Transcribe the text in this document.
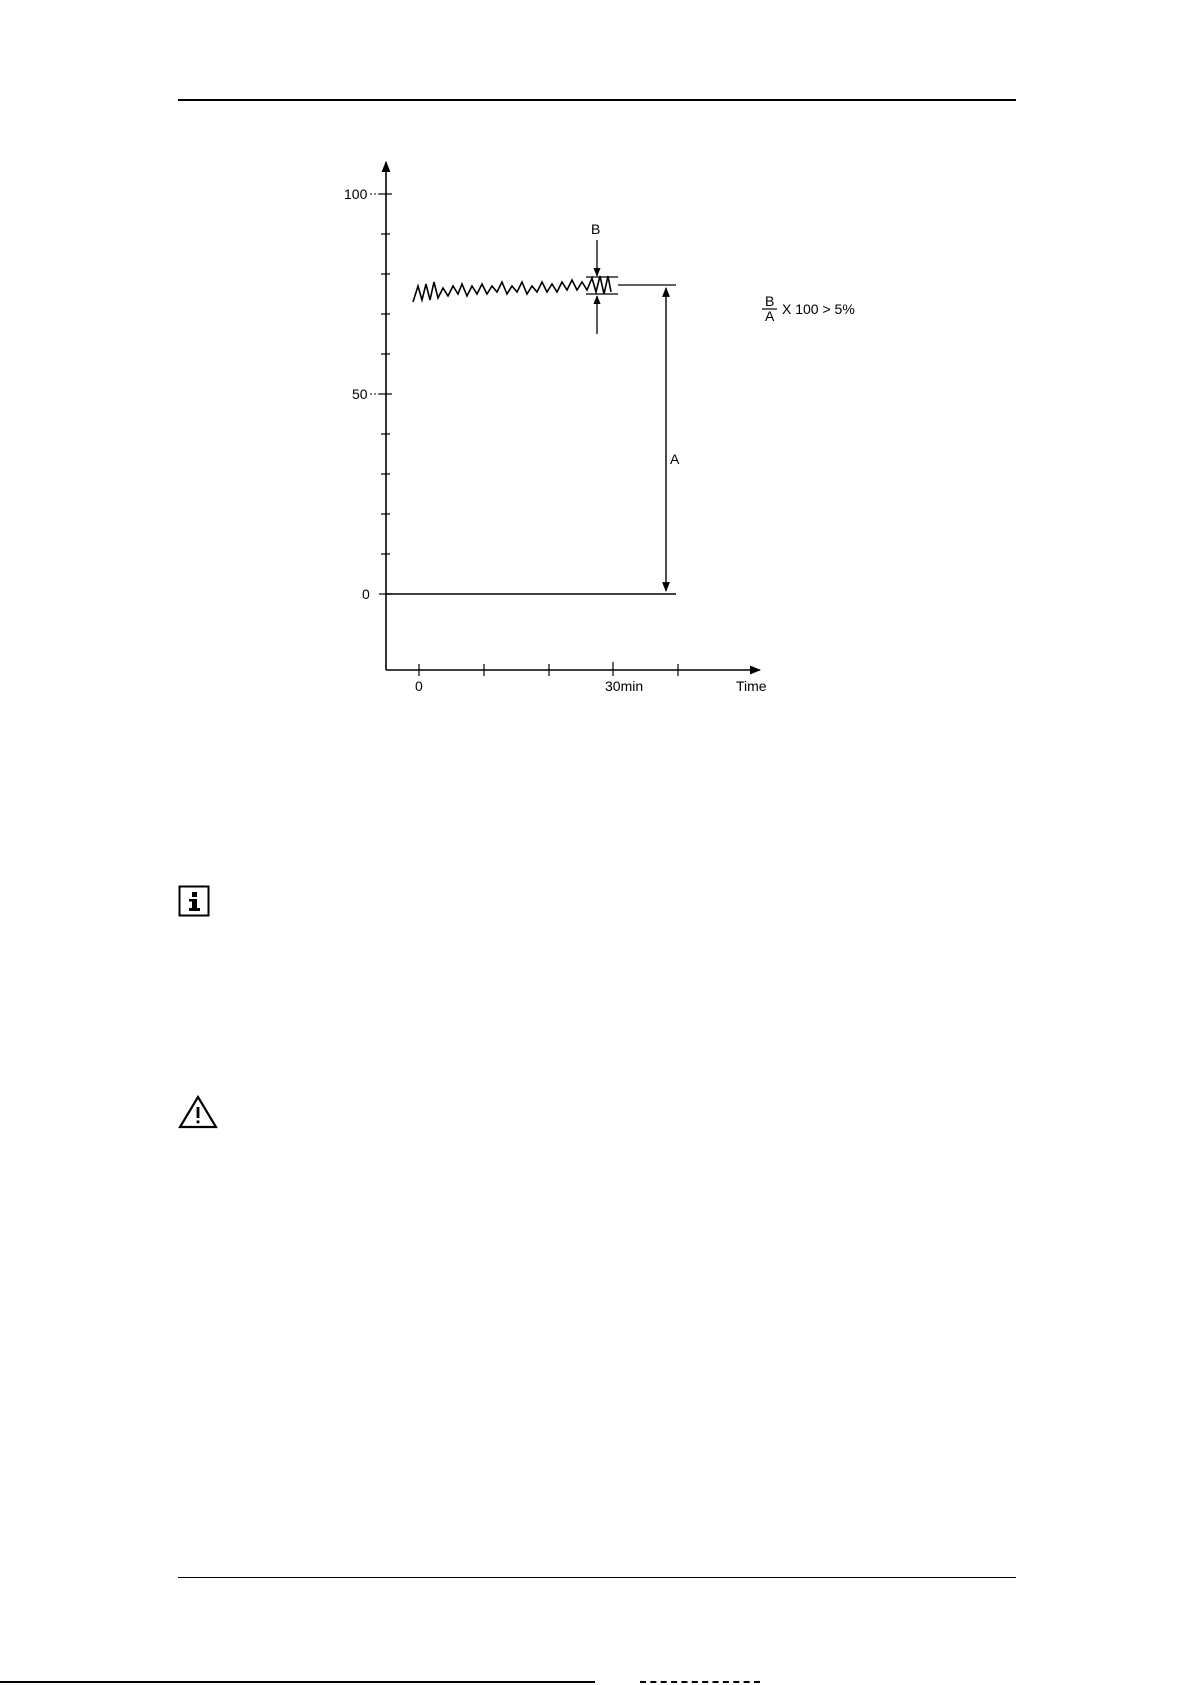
100
50
0
0	30min	Time
B
A
B
A X 100 > 5%
